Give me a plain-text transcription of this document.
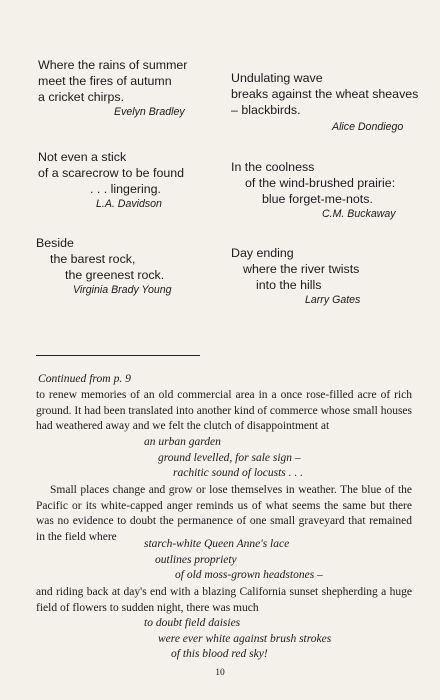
Where the rains of summer
meet the fires of autumn
a cricket chirps.
Evelyn Bradley
Undulating wave
breaks against the wheat sheaves
– blackbirds.
Alice Dondiego
Not even a stick
of a scarecrow to be found
. . . lingering.
L.A. Davidson
In the coolness
of the wind-brushed prairie:
blue forget-me-nots.
C.M. Buckaway
Beside
the barest rock,
the greenest rock.
Virginia Brady Young
Day ending
where the river twists
into the hills
Larry Gates
Continued from p. 9
to renew memories of an old commercial area in a once rose-filled acre of rich ground. It had been translated into another kind of commerce whose small houses had weathered away and we felt the clutch of disappointment at
an urban garden
ground levelled, for sale sign –
rachitic sound of locusts . . .
Small places change and grow or lose themselves in weather. The blue of the Pacific or its white-capped anger reminds us of what seems the same but there was no evidence to doubt the permanence of one small graveyard that remained in the field where
starch-white Queen Anne's lace
outlines propriety
of old moss-grown headstones –
and riding back at day's end with a blazing California sunset shepherding a huge field of flowers to sudden night, there was much
to doubt field daisies
were ever white against brush strokes
of this blood red sky!
10
